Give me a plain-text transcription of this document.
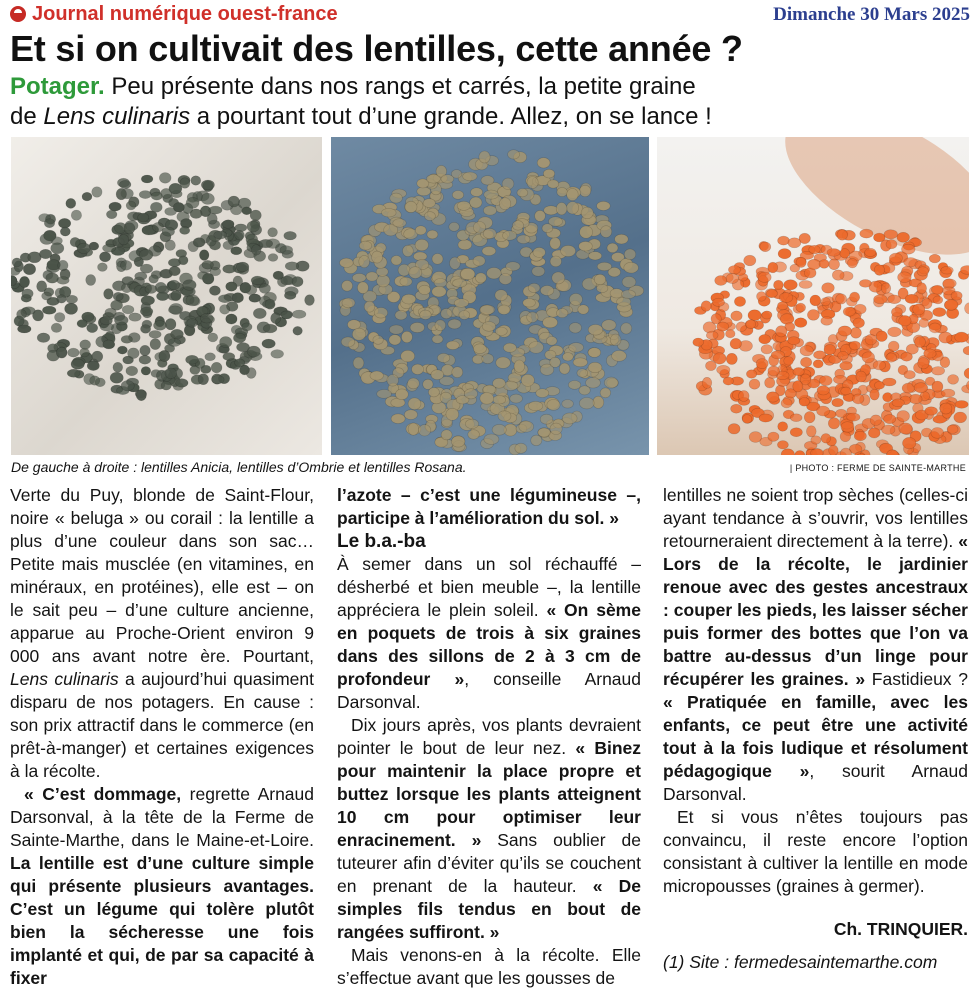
Journal numérique ouest-france	Dimanche 30 Mars 2025
Et si on cultivait des lentilles, cette année ?
Potager. Peu présente dans nos rangs et carrés, la petite graine
de Lens culinaris a pourtant tout d’une grande. Allez, on se lance !
De gauche à droite : lentilles Anicia, lentilles d’Ombrie et lentilles Rosana.	| PHOTO : FERME DE SAINTE-MARTHE

Verte du Puy, blonde de Saint-Flour, noire « beluga » ou corail : la lentille a plus d’une couleur dans son sac… Petite mais musclée (en vitamines, en minéraux, en protéines), elle est – on le sait peu – d’une culture ancienne, apparue au Proche-Orient environ 9 000 ans avant notre ère. Pourtant, Lens culinaris a aujourd’hui quasiment disparu de nos potagers. En cause : son prix attractif dans le commerce (en prêt-à-manger) et certaines exigences à la récolte.

« C’est dommage, regrette Arnaud Darsonval, à la tête de la Ferme de Sainte-Marthe, dans le Maine-et-Loire. La lentille est d’une culture simple qui présente plusieurs avantages. C’est un légume qui tolère plutôt bien la sécheresse une fois implanté et qui, de par sa capacité à fixer

l’azote – c’est une légumineuse –, participe à l’amélioration du sol. »

Le b.a.-ba

À semer dans un sol réchauffé – désherbé et bien meuble –, la lentille appréciera le plein soleil. « On sème en poquets de trois à six graines dans des sillons de 2 à 3 cm de profondeur », conseille Arnaud Darsonval.

Dix jours après, vos plants devraient pointer le bout de leur nez. « Binez pour maintenir la place propre et buttez lorsque les plants atteignent 10 cm pour optimiser leur enracinement. » Sans oublier de tuteurer afin d’éviter qu’ils se couchent en prenant de la hauteur. « De simples fils tendus en bout de rangées suffiront. »

Mais venons-en à la récolte. Elle s’effectue avant que les gousses de

lentilles ne soient trop sèches (celles-ci ayant tendance à s’ouvrir, vos lentilles retourneraient directement à la terre). « Lors de la récolte, le jardinier renoue avec des gestes ancestraux : couper les pieds, les laisser sécher puis former des bottes que l’on va battre au-dessus d’un linge pour récupérer les graines. » Fastidieux ? « Pratiquée en famille, avec les enfants, ce peut être une activité tout à la fois ludique et résolument pédagogique », sourit Arnaud Darsonval.

Et si vous n’êtes toujours pas convaincu, il reste encore l’option consistant à cultiver la lentille en mode micropousses (graines à germer).

Ch. TRINQUIER.

(1) Site : fermedesaintemarthe.com
